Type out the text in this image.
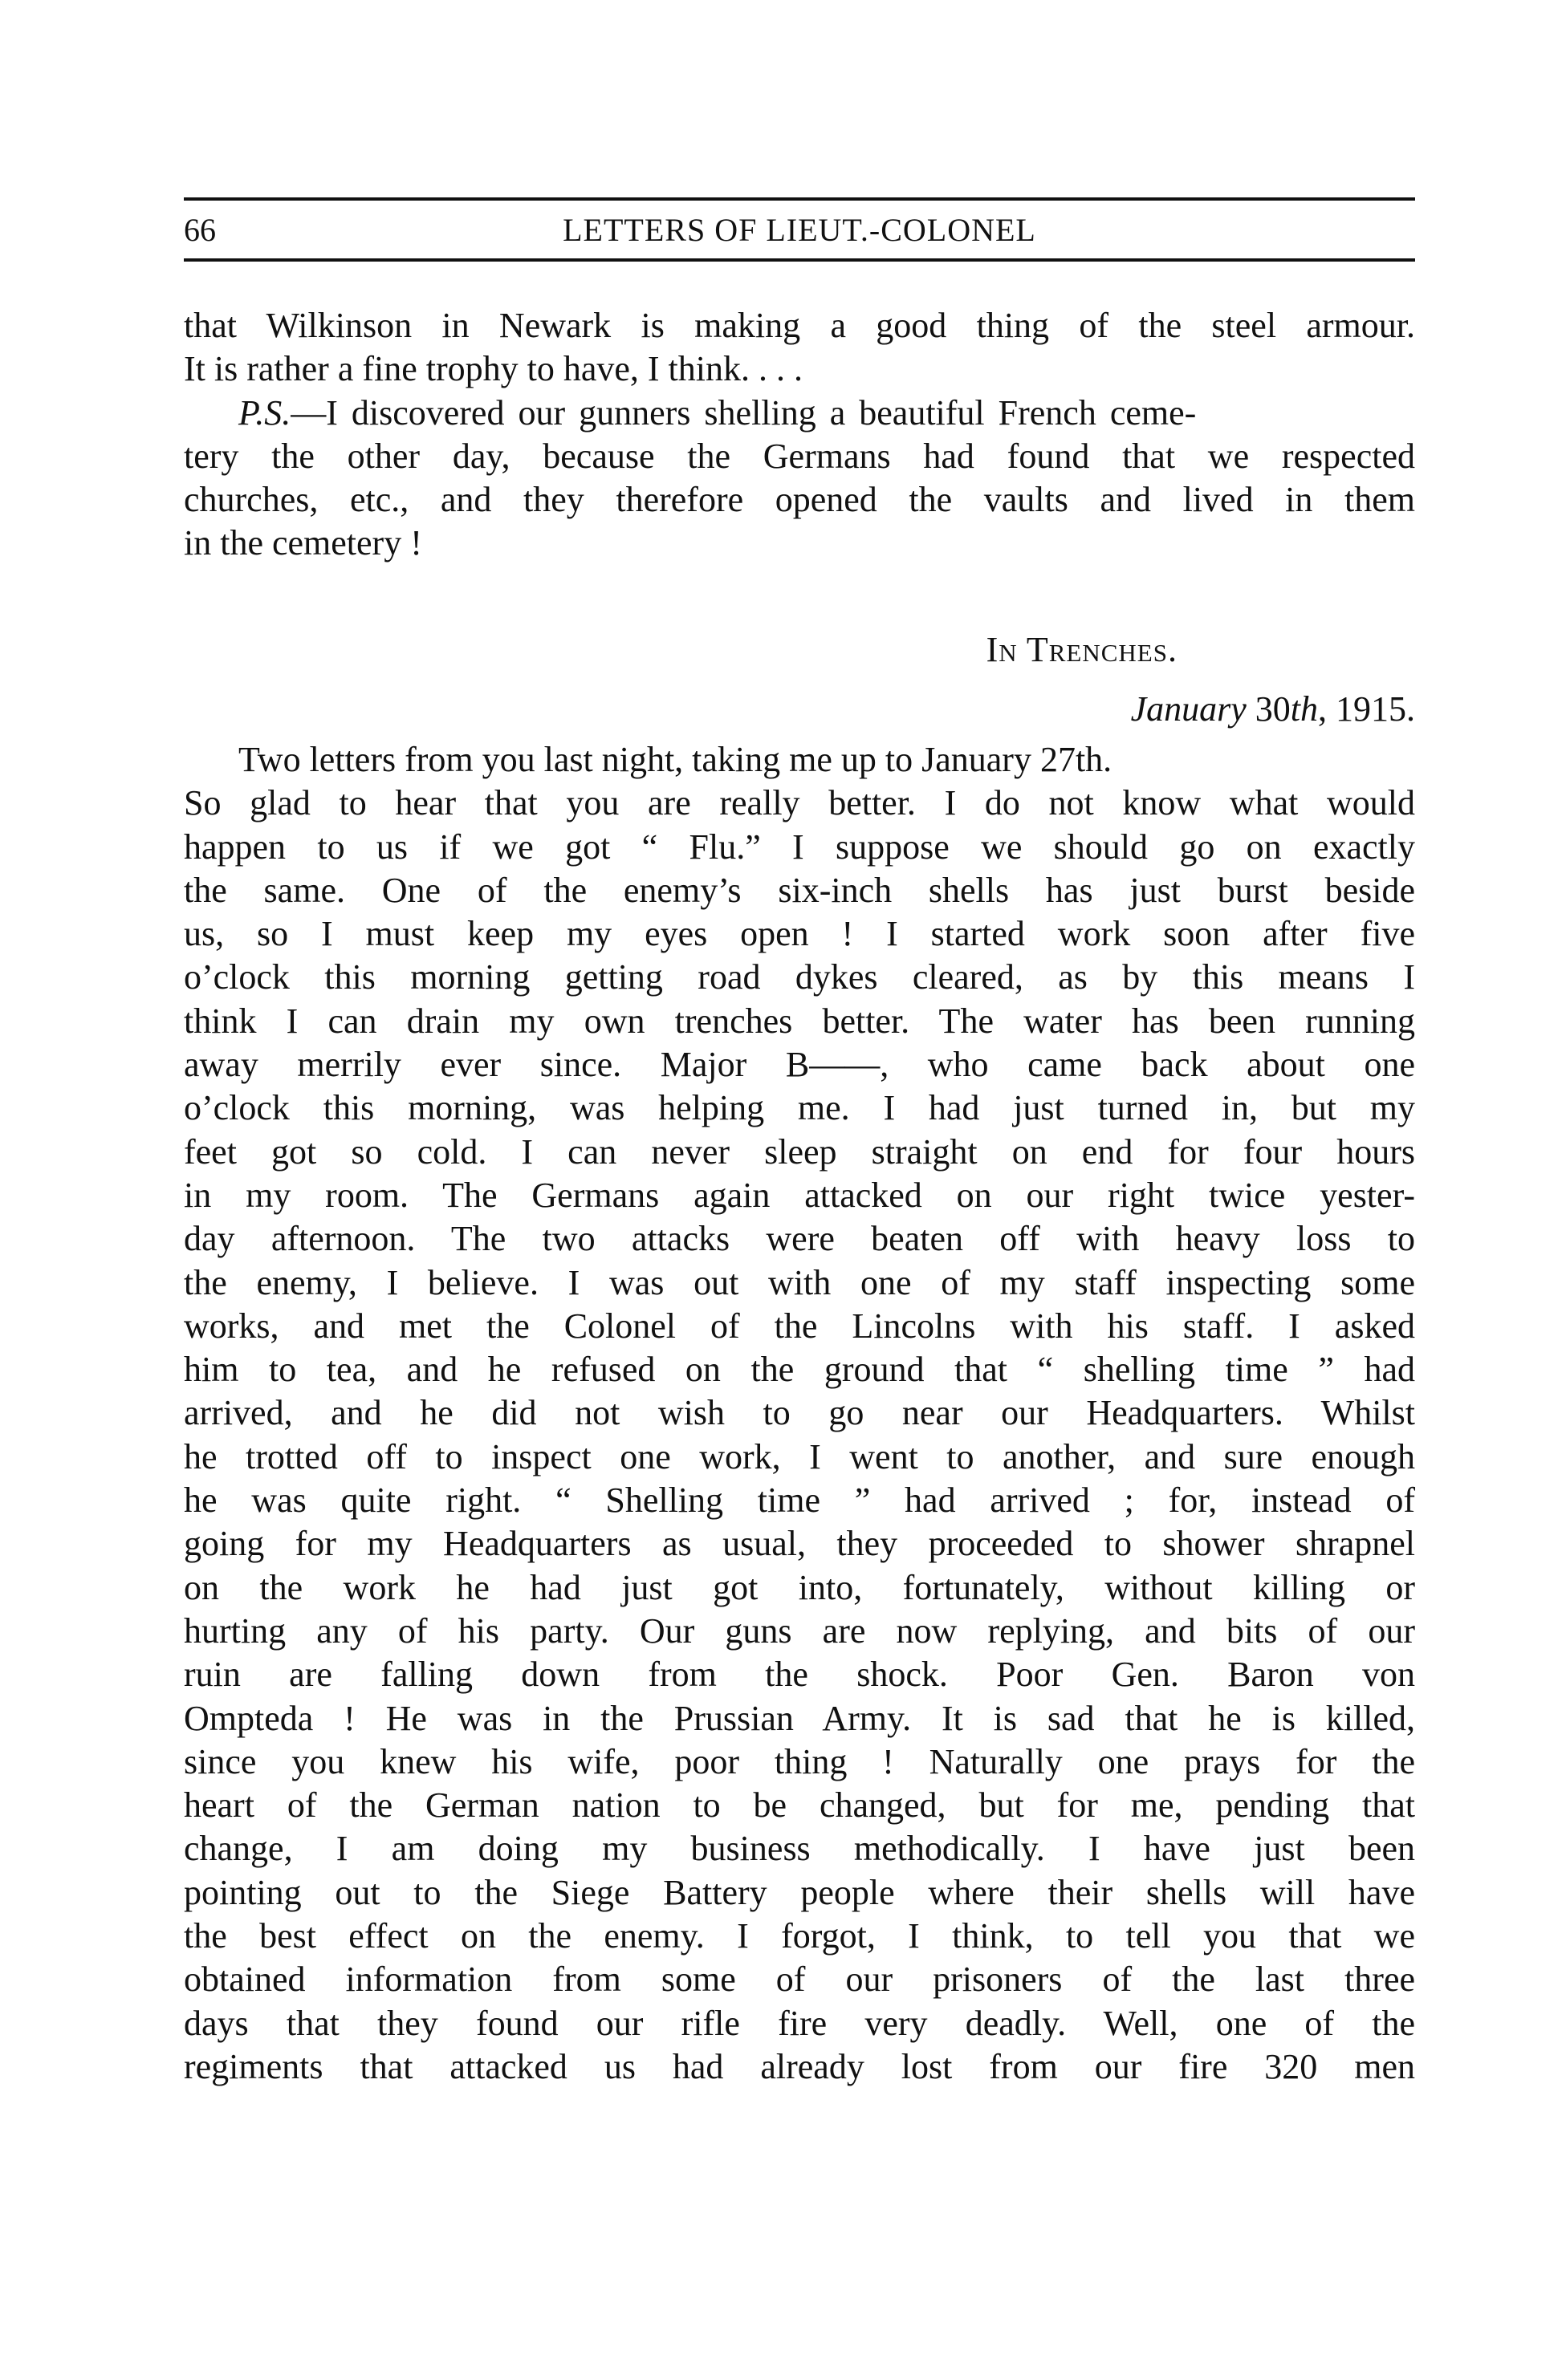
66	LETTERS OF LIEUT.-COLONEL
that Wilkinson in Newark is making a good thing of the steel armour.
It is rather a fine trophy to have, I think. . . .
P.S.—I discovered our gunners shelling a beautiful French ceme-
tery the other day, because the Germans had found that we respected
churches, etc., and they therefore opened the vaults and lived in them
in the cemetery !
In Trenches.
January 30th, 1915.
Two letters from you last night, taking me up to January 27th.
So glad to hear that you are really better. I do not know what would
happen to us if we got “ Flu.” I suppose we should go on exactly
the same. One of the enemy’s six-inch shells has just burst beside
us, so I must keep my eyes open ! I started work soon after five
o’clock this morning getting road dykes cleared, as by this means I
think I can drain my own trenches better. The water has been running
away merrily ever since. Major B——, who came back about one
o’clock this morning, was helping me. I had just turned in, but my
feet got so cold. I can never sleep straight on end for four hours
in my room. The Germans again attacked on our right twice yester-
day afternoon. The two attacks were beaten off with heavy loss to
the enemy, I believe. I was out with one of my staff inspecting some
works, and met the Colonel of the Lincolns with his staff. I asked
him to tea, and he refused on the ground that “ shelling time ” had
arrived, and he did not wish to go near our Headquarters. Whilst
he trotted off to inspect one work, I went to another, and sure enough
he was quite right. “ Shelling time ” had arrived ; for, instead of
going for my Headquarters as usual, they proceeded to shower shrapnel
on the work he had just got into, fortunately, without killing or
hurting any of his party. Our guns are now replying, and bits of our
ruin are falling down from the shock. Poor Gen. Baron von
Ompteda ! He was in the Prussian Army. It is sad that he is killed,
since you knew his wife, poor thing ! Naturally one prays for the
heart of the German nation to be changed, but for me, pending that
change, I am doing my business methodically. I have just been
pointing out to the Siege Battery people where their shells will have
the best effect on the enemy. I forgot, I think, to tell you that we
obtained information from some of our prisoners of the last three
days that they found our rifle fire very deadly. Well, one of the
regiments that attacked us had already lost from our fire 320 men
